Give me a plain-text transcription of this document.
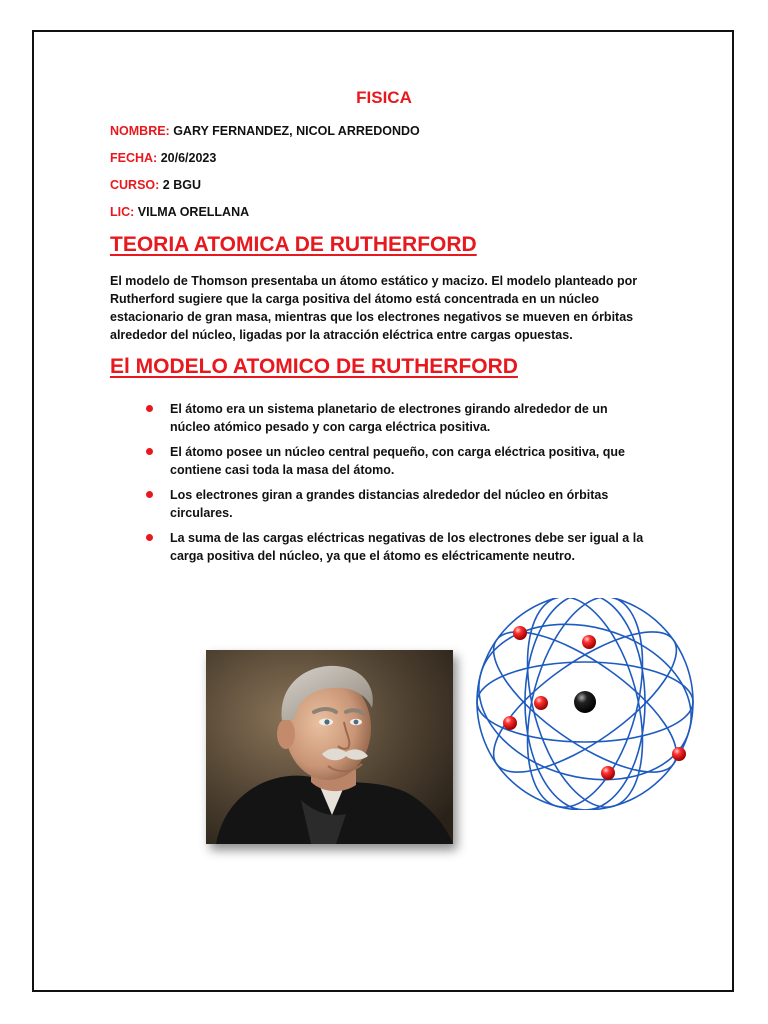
FISICA
NOMBRE: GARY FERNANDEZ, NICOL ARREDONDO
FECHA: 20/6/2023
CURSO: 2 BGU
LIC: VILMA ORELLANA
TEORIA ATOMICA DE RUTHERFORD
El modelo de Thomson presentaba un átomo estático y macizo. El modelo planteado por Rutherford sugiere que la carga positiva del átomo está concentrada en un núcleo estacionario de gran masa, mientras que los electrones negativos se mueven en órbitas alrededor del núcleo, ligadas por la atracción eléctrica entre cargas opuestas.
El MODELO ATOMICO DE RUTHERFORD
El átomo era un sistema planetario de electrones girando alrededor de un núcleo atómico pesado y con carga eléctrica positiva.
El átomo posee un núcleo central pequeño, con carga eléctrica positiva, que contiene casi toda la masa del átomo.
Los electrones giran a grandes distancias alrededor del núcleo en órbitas circulares.
La suma de las cargas eléctricas negativas de los electrones debe ser igual a la carga positiva del núcleo, ya que el átomo es eléctricamente neutro.
